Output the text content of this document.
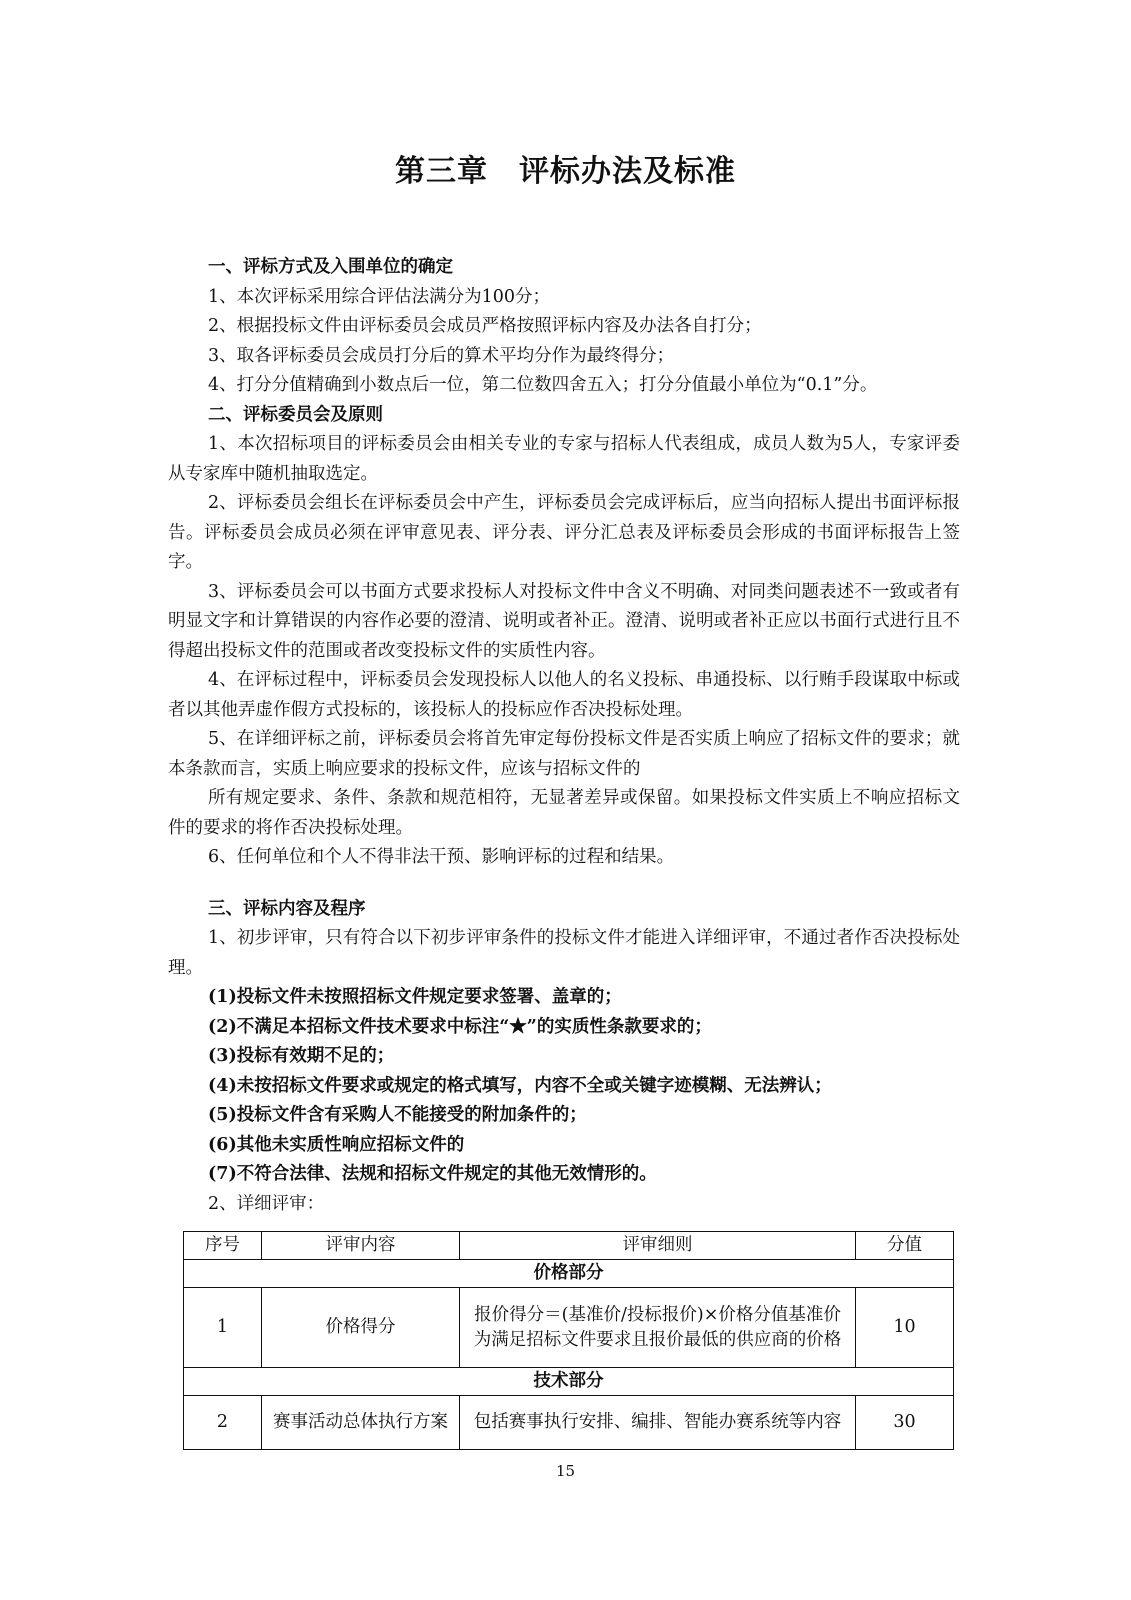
第三章　评标办法及标准

一、评标方式及入围单位的确定

1、本次评标采用综合评估法满分为100分；

2、根据投标文件由评标委员会成员严格按照评标内容及办法各自打分；

3、取各评标委员会成员打分后的算术平均分作为最终得分；

4、打分分值精确到小数点后一位，第二位数四舍五入；打分分值最小单位为“0.1”分。

二、评标委员会及原则

1、本次招标项目的评标委员会由相关专业的专家与招标人代表组成，成员人数为5人，专家评委从专家库中随机抽取选定。

2、评标委员会组长在评标委员会中产生，评标委员会完成评标后，应当向招标人提出书面评标报告。评标委员会成员必须在评审意见表、评分表、评分汇总表及评标委员会形成的书面评标报告上签字。

3、评标委员会可以书面方式要求投标人对投标文件中含义不明确、对同类问题表述不一致或者有明显文字和计算错误的内容作必要的澄清、说明或者补正。澄清、说明或者补正应以书面行式进行且不得超出投标文件的范围或者改变投标文件的实质性内容。

4、在评标过程中，评标委员会发现投标人以他人的名义投标、串通投标、以行贿手段谋取中标或者以其他弄虚作假方式投标的，该投标人的投标应作否决投标处理。

5、在详细评标之前，评标委员会将首先审定每份投标文件是否实质上响应了招标文件的要求；就本条款而言，实质上响应要求的投标文件，应该与招标文件的

所有规定要求、条件、条款和规范相符，无显著差异或保留。如果投标文件实质上不响应招标文件的要求的将作否决投标处理。

6、任何单位和个人不得非法干预、影响评标的过程和结果。

三、评标内容及程序

1、初步评审，只有符合以下初步评审条件的投标文件才能进入详细评审，不通过者作否决投标处理。

(1)投标文件未按照招标文件规定要求签署、盖章的；

(2)不满足本招标文件技术要求中标注“★”的实质性条款要求的；

(3)投标有效期不足的；

(4)未按招标文件要求或规定的格式填写，内容不全或关键字迹模糊、无法辨认；

(5)投标文件含有采购人不能接受的附加条件的；

(6)其他未实质性响应招标文件的

(7)不符合法律、法规和招标文件规定的其他无效情形的。

2、详细评审：

序号	评审内容	评审细则	分值
价格部分			
1	价格得分	报价得分＝(基准价/投标报价)×价格分值基准价为满足招标文件要求且报价最低的供应商的价格	10
技术部分			
2	赛事活动总体执行方案	包括赛事执行安排、编排、智能办赛系统等内容	30
15
